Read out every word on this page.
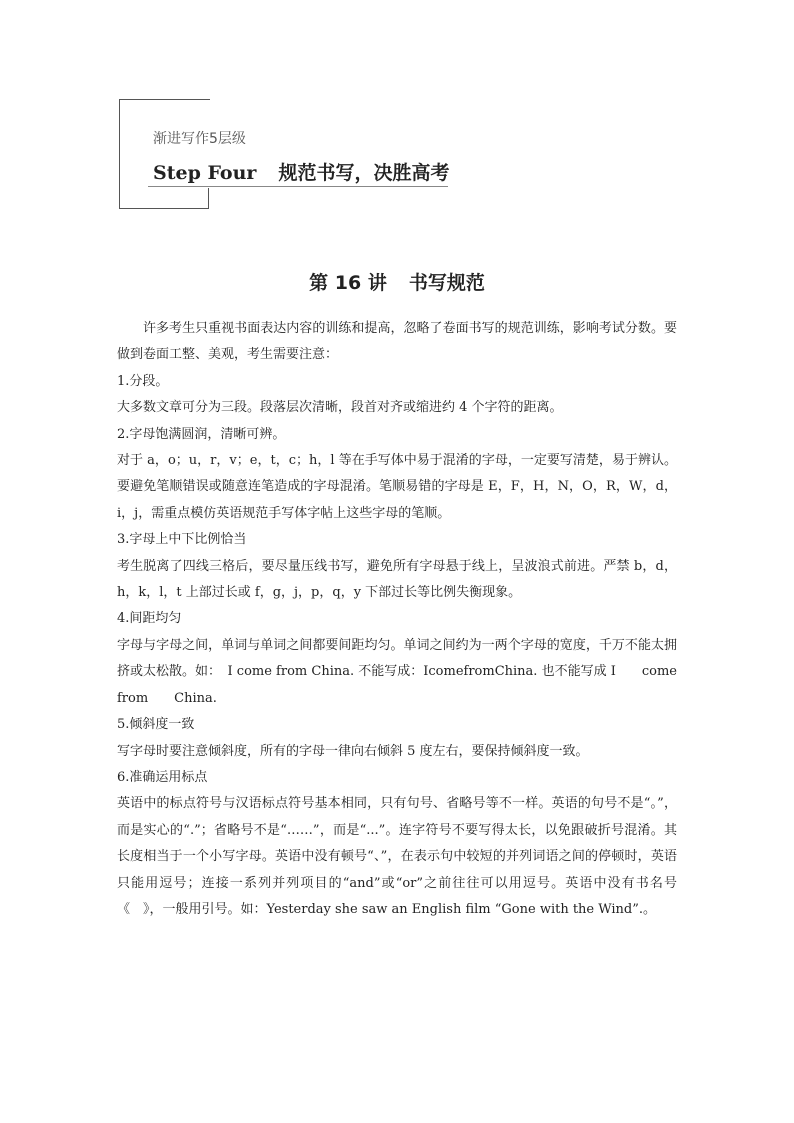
渐进写作5层级
Step Four 规范书写，决胜高考
第 16 讲 书写规范

许多考生只重视书面表达内容的训练和提高，忽略了卷面书写的规范训练，影响考试分数。要做到卷面工整、美观，考生需要注意：

1.分段。

大多数文章可分为三段。段落层次清晰，段首对齐或缩进约 4 个字符的距离。

2.字母饱满圆润，清晰可辨。

对于 a，o；u，r，v；e，t，c；h，l 等在手写体中易于混淆的字母，一定要写清楚，易于辨认。要避免笔顺错误或随意连笔造成的字母混淆。笔顺易错的字母是 E，F，H，N，O，R，W，d，i，j，需重点模仿英语规范手写体字帖上这些字母的笔顺。

3.字母上中下比例恰当

考生脱离了四线三格后，要尽量压线书写，避免所有字母悬于线上，呈波浪式前进。严禁 b，d，h，k，l，t 上部过长或 f，g，j，p，q，y 下部过长等比例失衡现象。

4.间距均匀

字母与字母之间，单词与单词之间都要间距均匀。单词之间约为一两个字母的宽度，千万不能太拥挤或太松散。如：　I come from China. 不能写成：IcomefromChina. 也不能写成 I　　come from　　China.

5.倾斜度一致

写字母时要注意倾斜度，所有的字母一律向右倾斜 5 度左右，要保持倾斜度一致。

6.准确运用标点

英语中的标点符号与汉语标点符号基本相同，只有句号、省略号等不一样。英语的句号不是“。”，而是实心的“.”；省略号不是“……”，而是“...”。连字符号不要写得太长，以免跟破折号混淆。其长度相当于一个小写字母。英语中没有顿号“、”，在表示句中较短的并列词语之间的停顿时，英语只能用逗号；连接一系列并列项目的“and”或“or”之前往往可以用逗号。英语中没有书名号《　》，一般用引号。如：Yesterday she saw an English film “Gone with the Wind”.。
